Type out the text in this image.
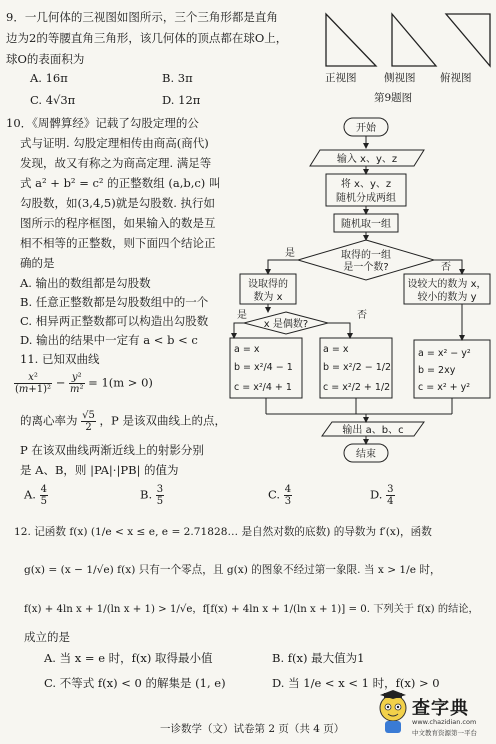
9．一几何体的三视图如图所示，三个三角形都是直角
边为2的等腰直角三角形，该几何体的顶点都在球O上，
球O的表面积为
A. 16π	B. 3π
C. 4√3π	D. 12π
正视图	侧视图 俯视图
第9题图
10．《周髀算经》记载了勾股定理的公
式与证明. 勾股定理相传由商高(商代)
发现，故又有称之为商高定理. 满足等
式 a² + b² = c² 的正整数组 (a,b,c) 叫
勾股数，如(3,4,5)就是勾股数. 执行如
图所示的程序框图，如果输入的数是互
相不相等的正整数，则下面四个结论正
确的是
A. 输出的数组都是勾股数
B. 任意正整数都是勾股数组中的一个
C. 相异两正整数都可以构造出勾股数
D. 输出的结果中一定有 a < b < c
开始
输入 x、y、z
将 x、y、z
随机分成两组
随机取一组
取得的一组
是一个数?
是
否
设取得的
数为 x
设较大的数为 x，
较小的数为 y
x 是偶数?
是	否
a = x
b = x²/4 − 1
c = x²/4 + 1
a = x
b = x²/2 − 1/2
c = x²/2 + 1/2
a = x² − y²
b = 2xy
c = x² + y²
输出 a、b、c
结束
11. 已知双曲线
$\frac{\text{x²}}{\text{(m+1)²}} - \frac{\text{y²}}{\text{m²}} = 1(m > 0)$
的离心率为 $\frac{√5}{2}$ ，P 是该双曲线上的点，
P 在该双曲线两渐近线上的射影分别
是 A、B，则 |PA|·|PB| 的值为
A. $\frac{4}{5}$	B. $\frac{3}{5}$	C. $\frac{4}{3}$	D. $\frac{3}{4}$
12. 记函数 f(x) (1/e < x ≤ e, e = 2.71828… 是自然对数的底数) 的导数为 f′(x)，函数
g(x) = (x − 1/√e) f(x) 只有一个零点，且 g(x) 的图象不经过第一象限. 当 x > 1/e 时，
f(x) + 4ln x + 1/(ln x + 1) > 1/√e，f[f(x) + 4ln x + 1/(ln x + 1)] = 0. 下列关于 f(x) 的结论，
成立的是
A. 当 x = e 时，f(x) 取得最小值	B. f(x) 最大值为1
C. 不等式 f(x) < 0 的解集是 (1, e)	D. 当 1/e < x < 1 时，f(x) > 0
一诊数学（文）试卷第 2 页（共 4 页）
查字典
www.chazidian.com
中文教育资源第一平台
